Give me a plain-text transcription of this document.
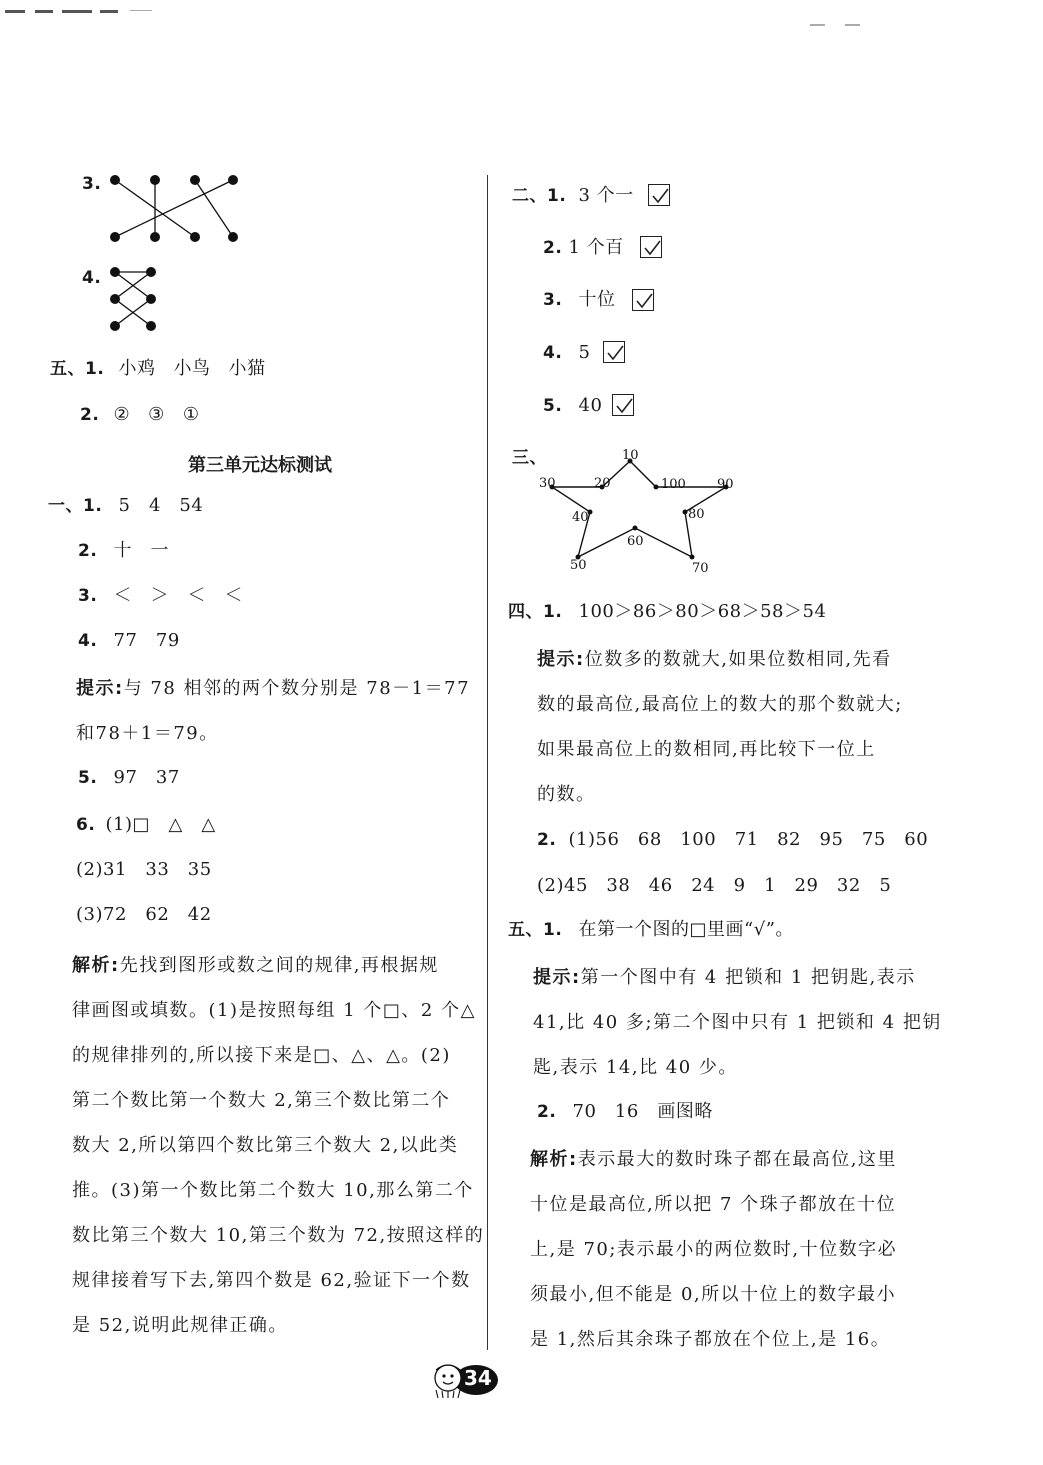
3.
4.
五、1. 小鸡 小鸟 小猫
2. ② ③ ①
第三单元达标测试
一、1. 5　4　54
2. 十　一
3. ＜　＞　＜　＜
4. 77　79
提示:与 78 相邻的两个数分别是 78－1＝77
和78＋1＝79。
5. 97　37
6. (1)□　△　△
(2)31　33　35
(3)72　62　42
解析:先找到图形或数之间的规律,再根据规
律画图或填数。(1)是按照每组 1 个□、2 个△
的规律排列的,所以接下来是□、△、△。(2)
第二个数比第一个数大 2,第三个数比第二个
数大 2,所以第四个数比第三个数大 2,以此类
推。(3)第一个数比第二个数大 10,那么第二个
数比第三个数大 10,第三个数为 72,按照这样的
规律接着写下去,第四个数是 62,验证下一个数
是 52,说明此规律正确。
二、1. 3 个一
2. 1 个百
3. 十位
4. 5
5. 40
三、	10
30	20	100 90
40	80
60
50	70
四、1. 100＞86＞80＞68＞58＞54
提示:位数多的数就大,如果位数相同,先看
数的最高位,最高位上的数大的那个数就大;
如果最高位上的数相同,再比较下一位上
的数。
2. (1)56　68　100　71　82　95　75　60
(2)45　38　46　24　9　1　29　32　5
五、1. 在第一个图的□里画“√”。
提示:第一个图中有 4 把锁和 1 把钥匙,表示
41,比 40 多;第二个图中只有 1 把锁和 4 把钥
匙,表示 14,比 40 少。
2. 70　16　画图略
解析:表示最大的数时珠子都在最高位,这里
十位是最高位,所以把 7 个珠子都放在十位
上,是 70;表示最小的两位数时,十位数字必
须最小,但不能是 0,所以十位上的数字最小
是 1,然后其余珠子都放在个位上,是 16。
34
